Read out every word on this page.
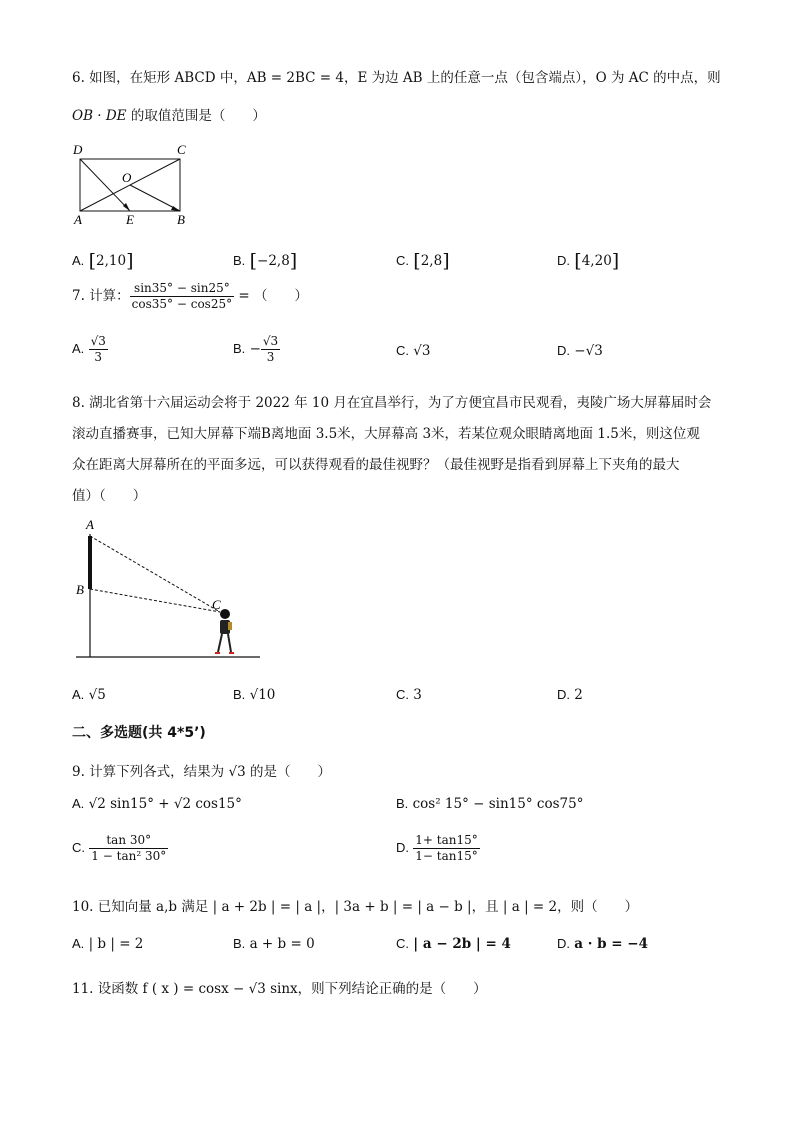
6. 如图，在矩形 ABCD 中，AB = 2BC = 4，E 为边 AB 上的任意一点（包含端点），O 为 AC 的中点，则
OB · DE 的取值范围是（　　）
D	C
O
A	E	B
A. [2,10]	B. [−2,8]	C. [2,8]	D. [4,20]
7. 计算： $\frac{\sin 35^\circ - \sin 25^\circ}{\cos 35^\circ - \cos 25^\circ}$ = （　　）
A. $\frac{√3}{3}$	B. − $\frac{√3}{3}$	C. √3	D. −√3
8. 湖北省第十六届运动会将于 2022 年 10 月在宜昌举行，为了方便宜昌市民观看，夷陵广场大屏幕届时会
滚动直播赛事，已知大屏幕下端B离地面 3.5米，大屏幕高 3米，若某位观众眼睛离地面 1.5米，则这位观
众在距离大屏幕所在的平面多远，可以获得观看的最佳视野？（最佳视野是指看到屏幕上下夹角的最大
值）（　　）
A
B
C
A. √5	B. √10	C. 3	D. 2
二、多选题(共 4*5’)
9. 计算下列各式，结果为 √3 的是（　　）
A. √2 sin15° + √2 cos15°	B. cos² 15° − sin15° cos75°
C. $\frac{\tan 30^\circ}{\text{1 − tan² 30°}}$	D. $\frac{1+ \tan 15^\circ}{1- \tan 15^\circ}$
10. 已知向量 a,b 满足 | a + 2b | = | a |，| 3a + b | = | a − b |，且 | a | = 2，则（　　）
A. | b | = 2	B. a + b = 0	C. | a − 2b | = 4	D. a · b = −4
11. 设函数 f ( x ) = cosx − √3 sinx，则下列结论正确的是（　　）
